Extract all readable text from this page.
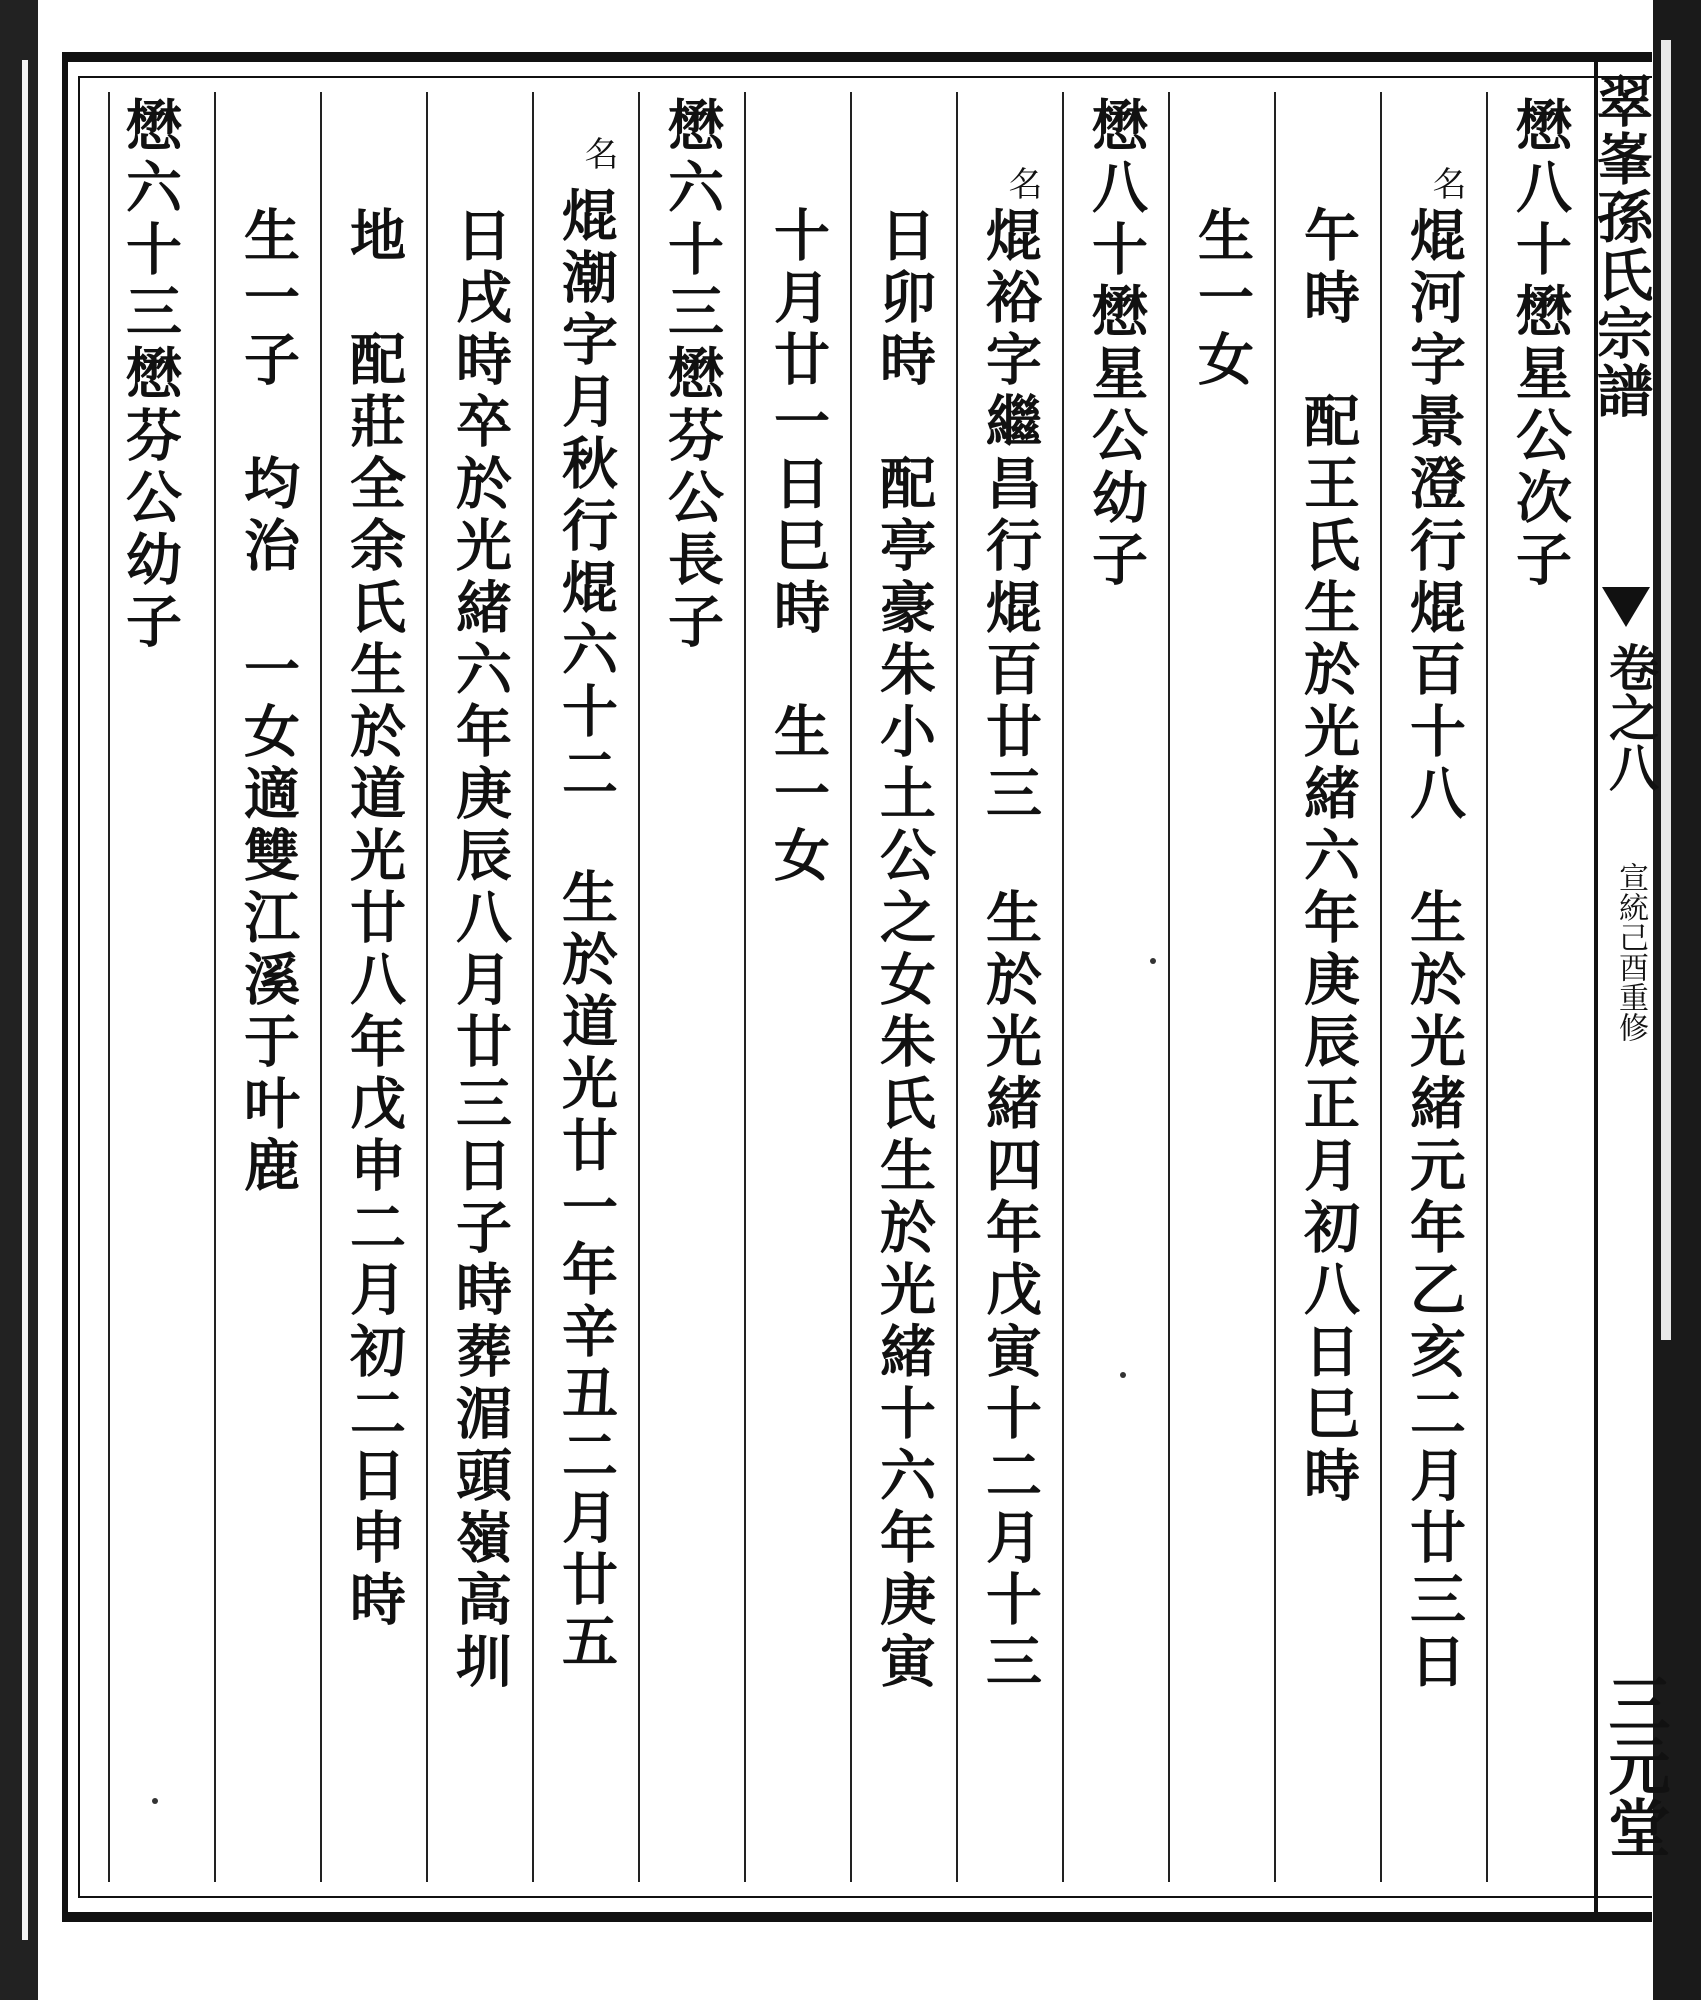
翠峯孫氏宗譜
卷之八
宣統己酉重修
三元堂
懋八十懋星公次子
名
焜河字景澄行焜百十八　生於光緒元年乙亥二月廿三日
午時　配王氏生於光緒六年庚辰正月初八日巳時
生一女
懋八十懋星公幼子
名
焜裕字繼昌行焜百廿三　生於光緒四年戊寅十二月十三
日卯時　配亭豪朱小土公之女朱氏生於光緒十六年庚寅
十月廿一日巳時　生一女
懋六十三懋芬公長子
名
焜潮字月秋行焜六十二　生於道光廿一年辛丑二月廿五
日戌時卒於光緒六年庚辰八月廿三日子時葬湄頭嶺高圳
地　配莊全余氏生於道光廿八年戊申二月初二日申時
生一子　均治　一女適雙江溪于叶鹿
懋六十三懋芬公幼子
